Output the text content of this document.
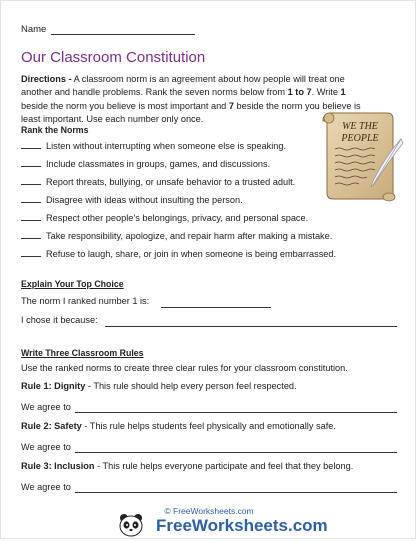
Name
Our Classroom Constitution
Directions - A classroom norm is an agreement about how people will treat one another and handle problems. Rank the seven norms below from 1 to 7. Write 1 beside the norm you believe is most important and 7 beside the norm you believe is least important. Use each number only once.
WE THE
PEOPLE
Rank the Norms
Listen without interrupting when someone else is speaking.
Include classmates in groups, games, and discussions.
Report threats, bullying, or unsafe behavior to a trusted adult.
Disagree with ideas without insulting the person.
Respect other people’s belongings, privacy, and personal space.
Take responsibility, apologize, and repair harm after making a mistake.
Refuse to laugh, share, or join in when someone is being embarrassed.
Explain Your Top Choice
The norm I ranked number 1 is:
I chose it because:
Write Three Classroom Rules
Use the ranked norms to create three clear rules for your classroom constitution.
Rule 1: Dignity - This rule should help every person feel respected.
We agree to
Rule 2: Safety - This rule helps students feel physically and emotionally safe.
We agree to
Rule 3: Inclusion - This rule helps everyone participate and feel that they belong.
We agree to
© FreeWorksheets.com
FreeWorksheets.com
